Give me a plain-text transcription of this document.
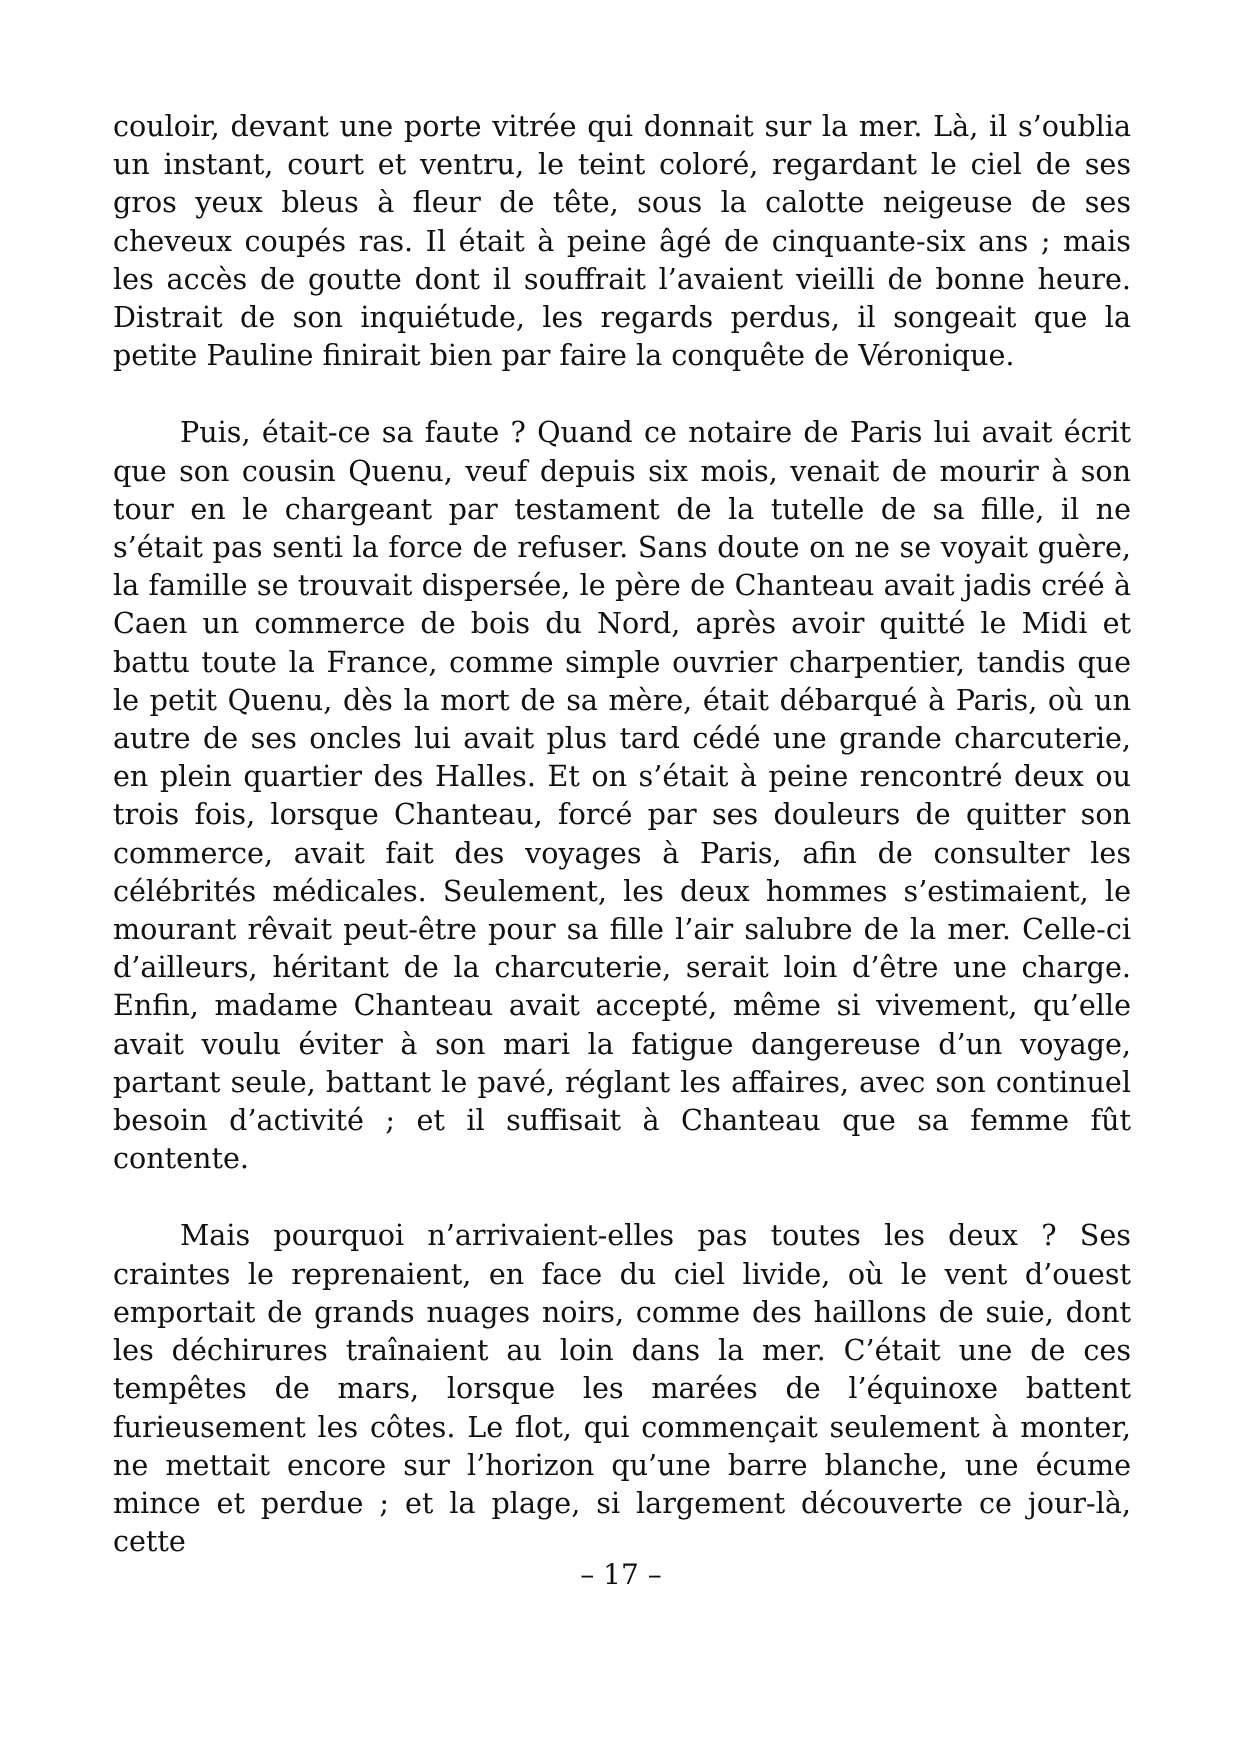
couloir, devant une porte vitrée qui donnait sur la mer. Là, il s’oublia un instant, court et ventru, le teint coloré, regardant le ciel de ses gros yeux bleus à fleur de tête, sous la calotte neigeuse de ses cheveux coupés ras. Il était à peine âgé de cinquante-six ans ; mais les accès de goutte dont il souffrait l’avaient vieilli de bonne heure. Distrait de son inquiétude, les regards perdus, il songeait que la petite Pauline finirait bien par faire la conquête de Véronique.

Puis, était-ce sa faute ? Quand ce notaire de Paris lui avait écrit que son cousin Quenu, veuf depuis six mois, venait de mourir à son tour en le chargeant par testament de la tutelle de sa fille, il ne s’était pas senti la force de refuser. Sans doute on ne se voyait guère, la famille se trouvait dispersée, le père de Chanteau avait jadis créé à Caen un commerce de bois du Nord, après avoir quitté le Midi et battu toute la France, comme simple ouvrier charpentier, tandis que le petit Quenu, dès la mort de sa mère, était débarqué à Paris, où un autre de ses oncles lui avait plus tard cédé une grande charcuterie, en plein quartier des Halles. Et on s’était à peine rencontré deux ou trois fois, lorsque Chanteau, forcé par ses douleurs de quitter son commerce, avait fait des voyages à Paris, afin de consulter les célébrités médicales. Seulement, les deux hommes s’estimaient, le mourant rêvait peut-être pour sa fille l’air salubre de la mer. Celle-ci d’ailleurs, héritant de la charcuterie, serait loin d’être une charge. Enfin, madame Chanteau avait accepté, même si vivement, qu’elle avait voulu éviter à son mari la fatigue dangereuse d’un voyage, partant seule, battant le pavé, réglant les affaires, avec son continuel besoin d’activité ; et il suffisait à Chanteau que sa femme fût contente.

Mais pourquoi n’arrivaient-elles pas toutes les deux ? Ses craintes le reprenaient, en face du ciel livide, où le vent d’ouest emportait de grands nuages noirs, comme des haillons de suie, dont les déchirures traînaient au loin dans la mer. C’était une de ces tempêtes de mars, lorsque les marées de l’équinoxe battent furieusement les côtes. Le flot, qui commençait seulement à monter, ne mettait encore sur l’horizon qu’une barre blanche, une écume mince et perdue ; et la plage, si largement découverte ce jour-là, cette

– 17 –
